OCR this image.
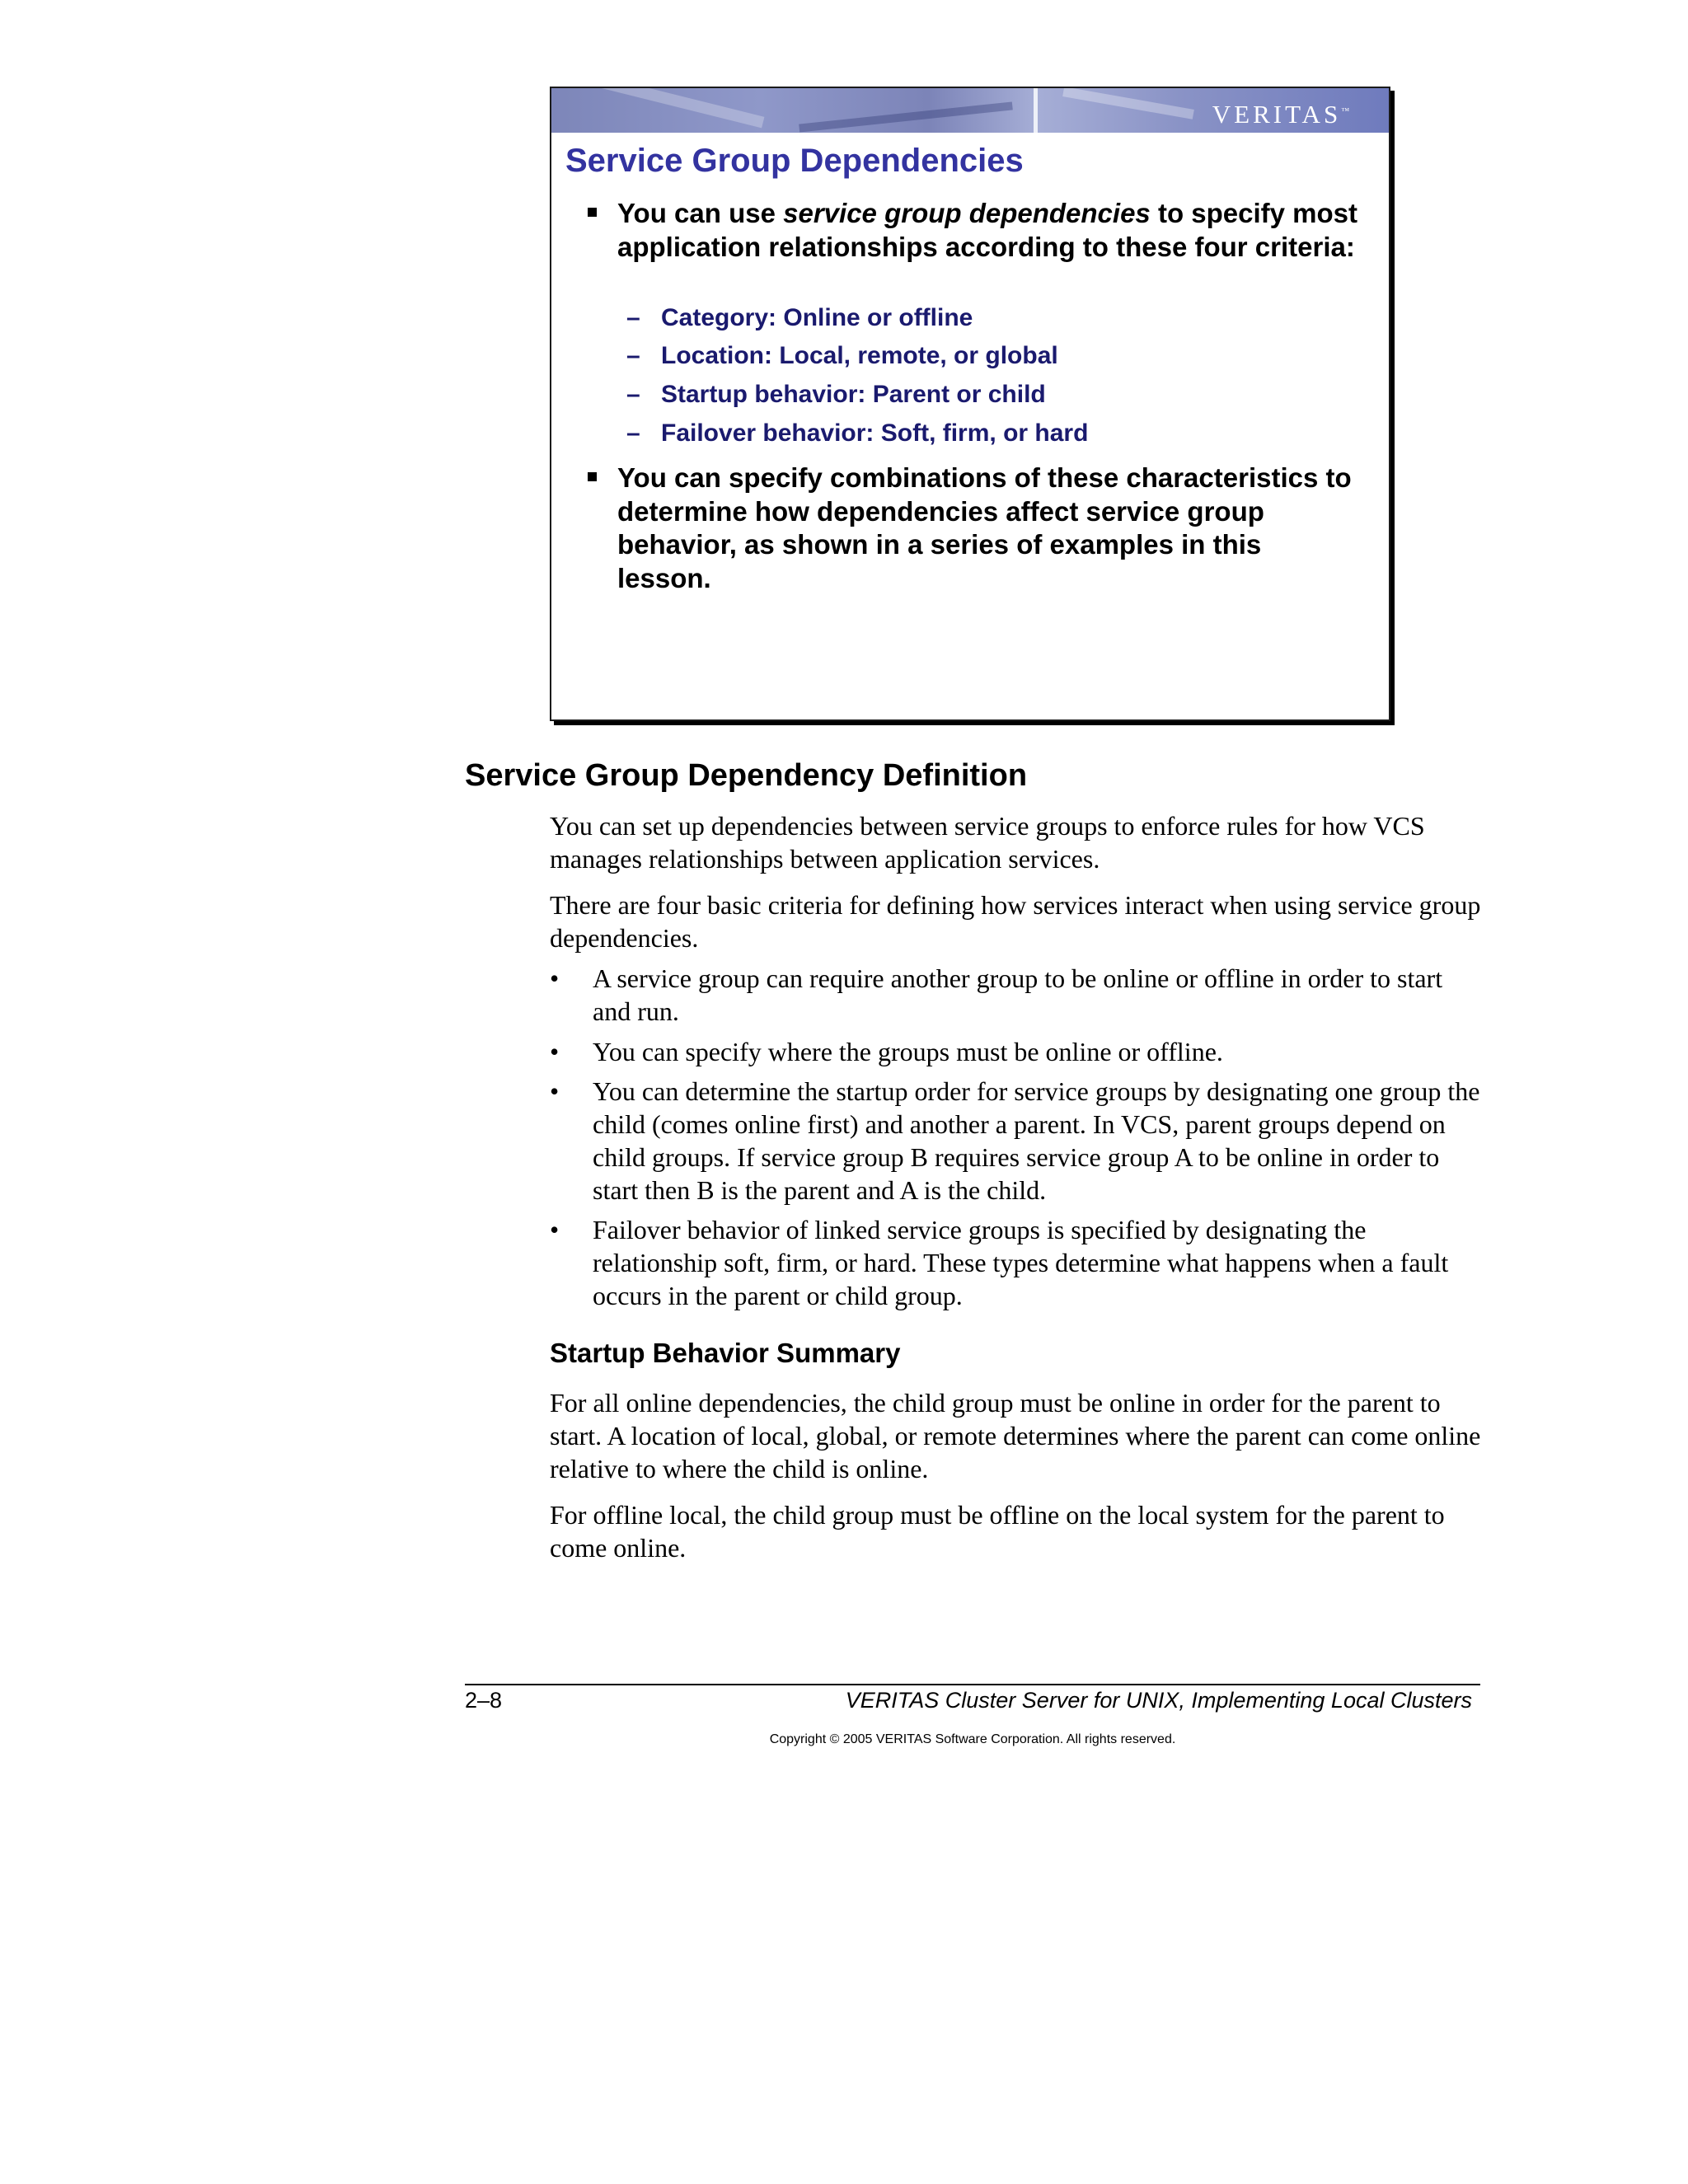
VERITAS™
Service Group Dependencies
You can use service group dependencies to specify most application relationships according to these four criteria:
– Category: Online or offline
– Location: Local, remote, or global
– Startup behavior: Parent or child
– Failover behavior: Soft, firm, or hard
You can specify combinations of these characteristics to determine how dependencies affect service group behavior, as shown in a series of examples in this lesson.
Service Group Dependency Definition
You can set up dependencies between service groups to enforce rules for how VCS manages relationships between application services.
There are four basic criteria for defining how services interact when using service group dependencies.
• A service group can require another group to be online or offline in order to start and run.
• You can specify where the groups must be online or offline.
• You can determine the startup order for service groups by designating one group the child (comes online first) and another a parent. In VCS, parent groups depend on child groups. If service group B requires service group A to be online in order to start then B is the parent and A is the child.
• Failover behavior of linked service groups is specified by designating the relationship soft, firm, or hard. These types determine what happens when a fault occurs in the parent or child group.
Startup Behavior Summary
For all online dependencies, the child group must be online in order for the parent to start. A location of local, global, or remote determines where the parent can come online relative to where the child is online.
For offline local, the child group must be offline on the local system for the parent to come online.
2–8	VERITAS Cluster Server for UNIX, Implementing Local Clusters
Copyright © 2005 VERITAS Software Corporation. All rights reserved.
